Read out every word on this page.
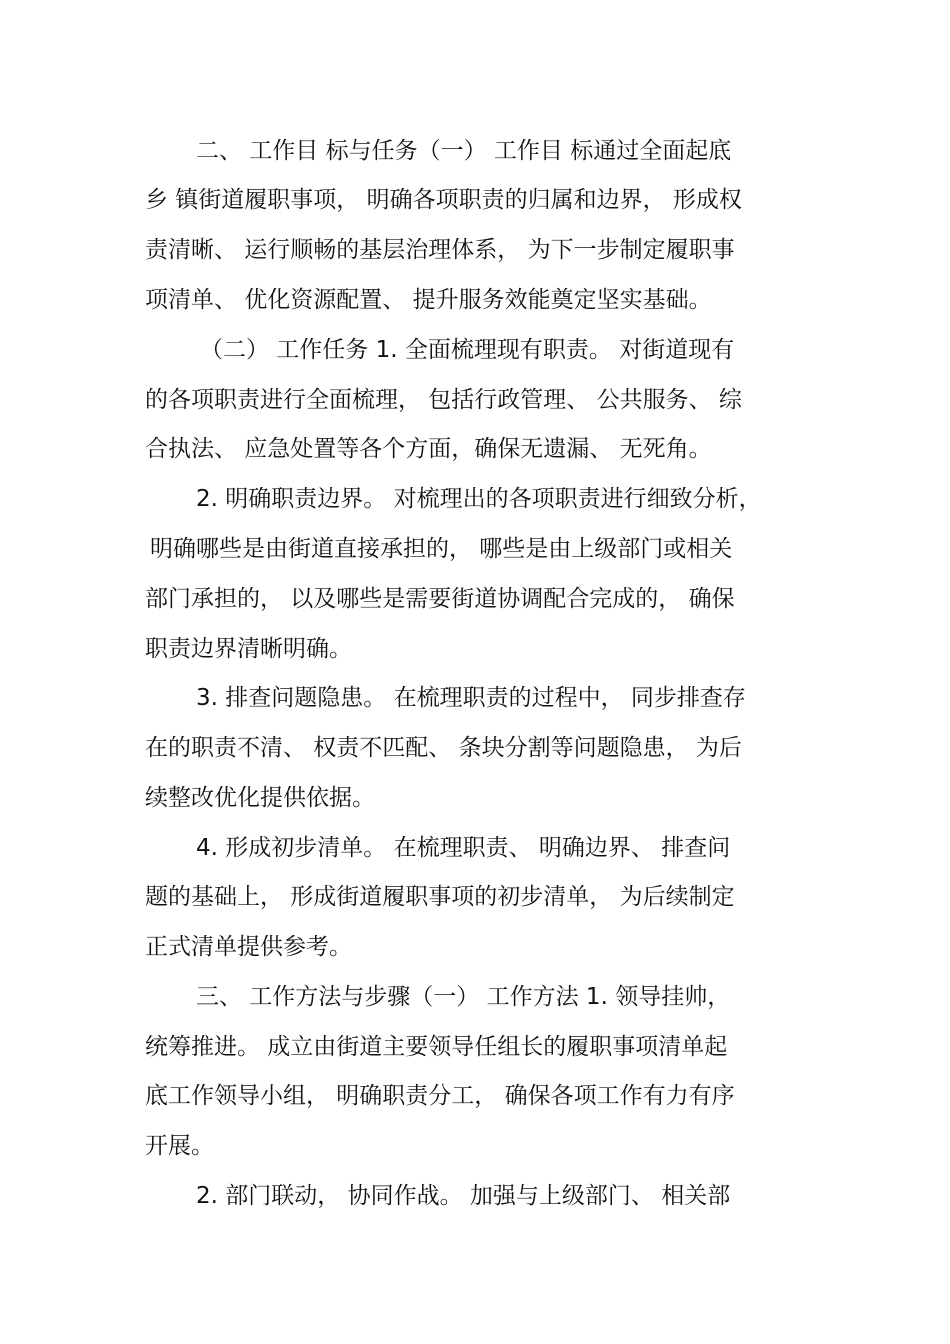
二、 工作目 标与任务（一） 工作目 标通过全面起底

乡 镇街道履职事项， 明确各项职责的归属和边界， 形成权

责清晰、 运行顺畅的基层治理体系， 为下一步制定履职事

项清单、 优化资源配置、 提升服务效能奠定坚实基础。

（二） 工作任务 1. 全面梳理现有职责。 对街道现有

的各项职责进行全面梳理， 包括行政管理、 公共服务、 综

合执法、 应急处置等各个方面，确保无遗漏、 无死角。

2. 明确职责边界。 对梳理出的各项职责进行细致分析，

明确哪些是由街道直接承担的， 哪些是由上级部门或相关

部门承担的， 以及哪些是需要街道协调配合完成的， 确保

职责边界清晰明确。

3. 排查问题隐患。 在梳理职责的过程中， 同步排查存

在的职责不清、 权责不匹配、 条块分割等问题隐患， 为后

续整改优化提供依据。

4. 形成初步清单。 在梳理职责、 明确边界、 排查问

题的基础上， 形成街道履职事项的初步清单， 为后续制定

正式清单提供参考。

三、 工作方法与步骤（一） 工作方法 1. 领导挂帅，

统筹推进。 成立由街道主要领导任组长的履职事项清单起

底工作领导小组， 明确职责分工， 确保各项工作有力有序

开展。

2. 部门联动， 协同作战。 加强与上级部门、 相关部
